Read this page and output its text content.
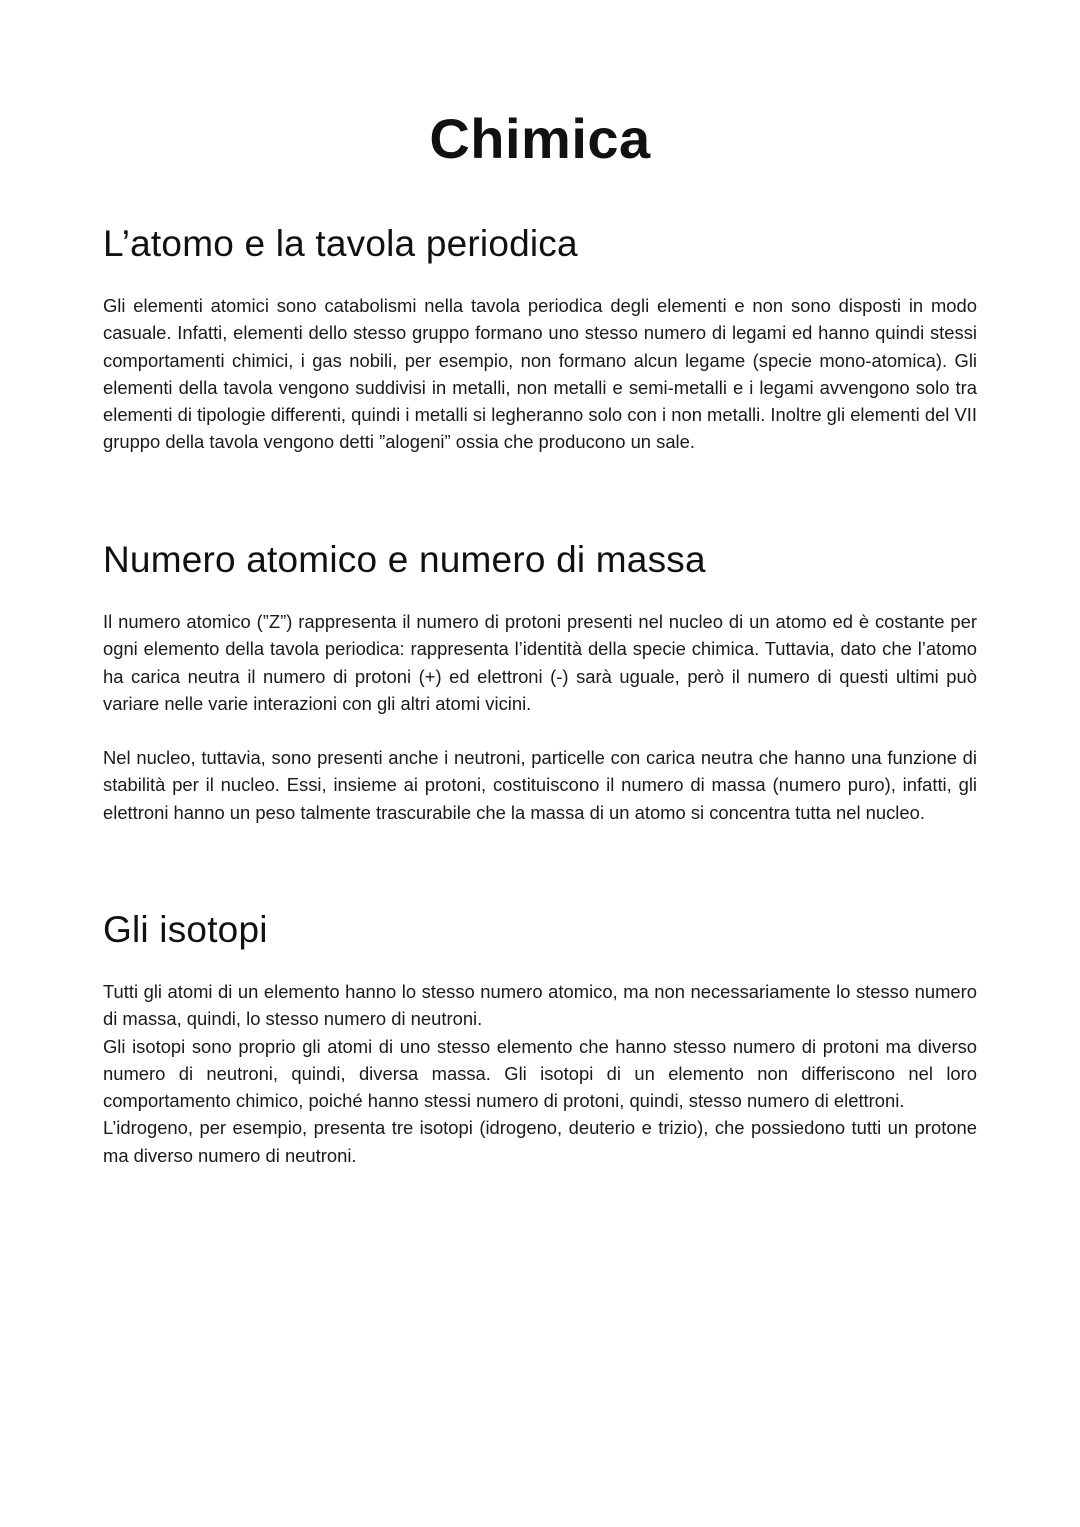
Chimica
L’atomo e la tavola periodica

Gli elementi atomici sono catabolismi nella tavola periodica degli elementi e non sono disposti in modo casuale. Infatti, elementi dello stesso gruppo formano uno stesso numero di legami ed hanno quindi stessi comportamenti chimici, i gas nobili, per esempio, non formano alcun legame (specie mono-atomica). Gli elementi della tavola vengono suddivisi in metalli, non metalli e semi-metalli e i legami avvengono solo tra elementi di tipologie differenti, quindi i metalli si legheranno solo con i non metalli. Inoltre gli elementi del VII gruppo della tavola vengono detti ”alogeni” ossia che producono un sale.

Numero atomico e numero di massa

Il numero atomico (”Z”) rappresenta il numero di protoni presenti nel nucleo di un atomo ed è costante per ogni elemento della tavola periodica: rappresenta l’identità della specie chimica. Tuttavia, dato che l’atomo ha carica neutra il numero di protoni (+) ed elettroni (-) sarà uguale, però il numero di questi ultimi può variare nelle varie interazioni con gli altri atomi vicini.

Nel nucleo, tuttavia, sono presenti anche i neutroni, particelle con carica neutra che hanno una funzione di stabilità per il nucleo. Essi, insieme ai protoni, costituiscono il numero di massa (numero puro), infatti, gli elettroni hanno un peso talmente trascurabile che la massa di un atomo si concentra tutta nel nucleo.

Gli isotopi

Tutti gli atomi di un elemento hanno lo stesso numero atomico, ma non necessariamente lo stesso numero di massa, quindi, lo stesso numero di neutroni.

Gli isotopi sono proprio gli atomi di uno stesso elemento che hanno stesso numero di protoni ma diverso numero di neutroni, quindi, diversa massa. Gli isotopi di un elemento non differiscono nel loro comportamento chimico, poiché hanno stessi numero di protoni, quindi, stesso numero di elettroni.

L’idrogeno, per esempio, presenta tre isotopi (idrogeno, deuterio e trizio), che possiedono tutti un protone ma diverso numero di neutroni.
